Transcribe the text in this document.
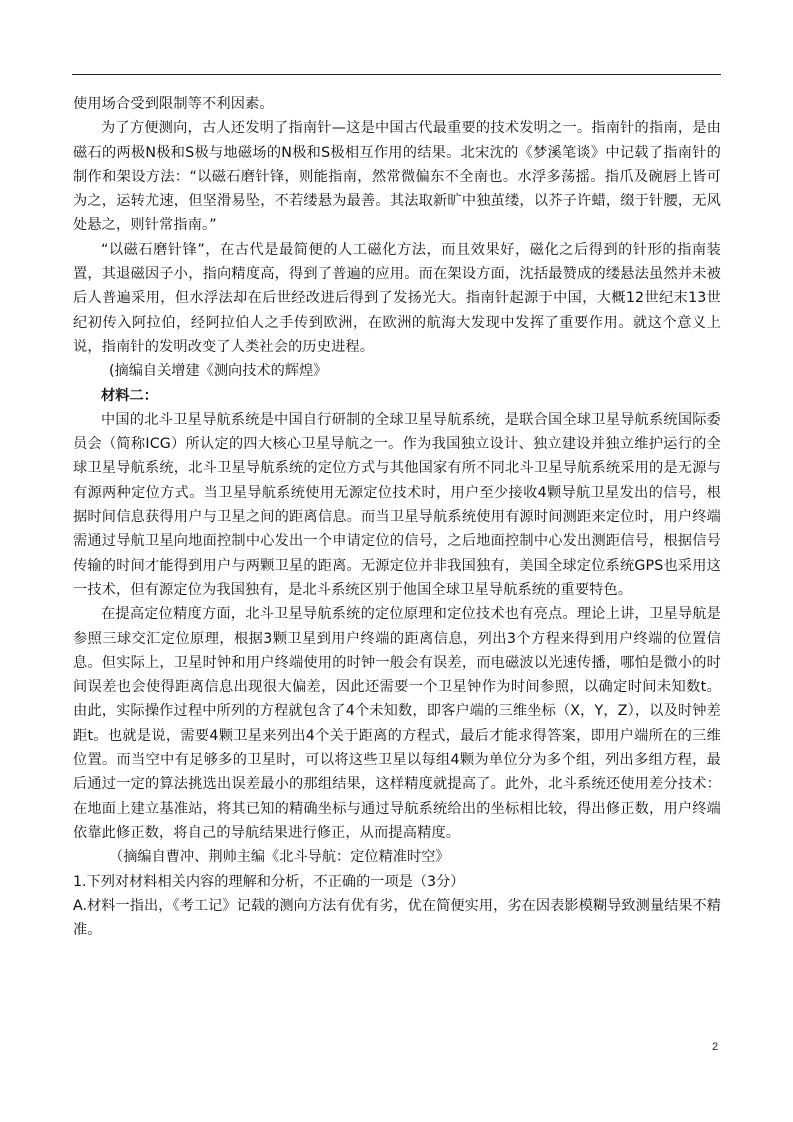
使用场合受到限制等不利因素。

为了方便测向，古人还发明了指南针—这是中国古代最重要的技术发明之一。指南针的指南，是由磁石的两极N极和S极与地磁场的N极和S极相互作用的结果。北宋沈的《梦溪笔谈》中记载了指南针的制作和架设方法：“以磁石磨针锋，则能指南，然常微偏东不全南也。水浮多荡摇。指爪及碗唇上皆可为之，运转尤速，但坚滑易坠，不若缕悬为最善。其法取新旷中独茧缕，以芥子许蜡，缀于针腰，无风处悬之，则针常指南。”

“以磁石磨针锋”，在古代是最简便的人工磁化方法，而且效果好，磁化之后得到的针形的指南装置，其退磁因子小，指向精度高，得到了普遍的应用。而在架设方面，沈括最赞成的缕悬法虽然并未被后人普遍采用，但水浮法却在后世经改进后得到了发扬光大。指南针起源于中国，大概12世纪末13世纪初传入阿拉伯，经阿拉伯人之手传到欧洲，在欧洲的航海大发现中发挥了重要作用。就这个意义上说，指南针的发明改变了人类社会的历史进程。

(摘编自关增建《测向技术的辉煌》

材料二：

中国的北斗卫星导航系统是中国自行研制的全球卫星导航系统，是联合国全球卫星导航系统国际委员会（简称ICG）所认定的四大核心卫星导航之一。作为我国独立设计、独立建设并独立维护运行的全球卫星导航系统，北斗卫星导航系统的定位方式与其他国家有所不同北斗卫星导航系统采用的是无源与有源两种定位方式。当卫星导航系统使用无源定位技术时，用户至少接收4颗导航卫星发出的信号，根据时间信息获得用户与卫星之间的距离信息。而当卫星导航系统使用有源时间测距来定位时，用户终端需通过导航卫星向地面控制中心发出一个申请定位的信号，之后地面控制中心发出测距信号，根据信号传输的时间才能得到用户与两颗卫星的距离。无源定位并非我国独有，美国全球定位系统GPS也采用这一技术，但有源定位为我国独有，是北斗系统区别于他国全球卫星导航系统的重要特色。

在提高定位精度方面，北斗卫星导航系统的定位原理和定位技术也有亮点。理论上讲，卫星导航是参照三球交汇定位原理，根据3颗卫星到用户终端的距离信息，列出3个方程来得到用户终端的位置信息。但实际上，卫星时钟和用户终端使用的时钟一般会有误差，而电磁波以光速传播，哪怕是微小的时间误差也会使得距离信息出现很大偏差，因此还需要一个卫星钟作为时间参照，以确定时间未知数t。由此，实际操作过程中所列的方程就包含了4个未知数，即客户端的三维坐标（X，Y，Z），以及时钟差距t。也就是说，需要4颗卫星来列出4个关于距离的方程式，最后才能求得答案，即用户端所在的三维位置。而当空中有足够多的卫星时，可以将这些卫星以每组4颗为单位分为多个组，列出多组方程，最后通过一定的算法挑选出误差最小的那组结果，这样精度就提高了。此外，北斗系统还使用差分技术：在地面上建立基准站，将其已知的精确坐标与通过导航系统给出的坐标相比较，得出修正数，用户终端依靠此修正数，将自己的导航结果进行修正，从而提高精度。

（摘编自曹冲、荆帅主编《北斗导航：定位精准时空》

1.下列对材料相关内容的理解和分析，不正确的一项是（3分）

A.材料一指出，《考工记》记载的测向方法有优有劣，优在简便实用，劣在因表影模糊导致测量结果不精准。

2
